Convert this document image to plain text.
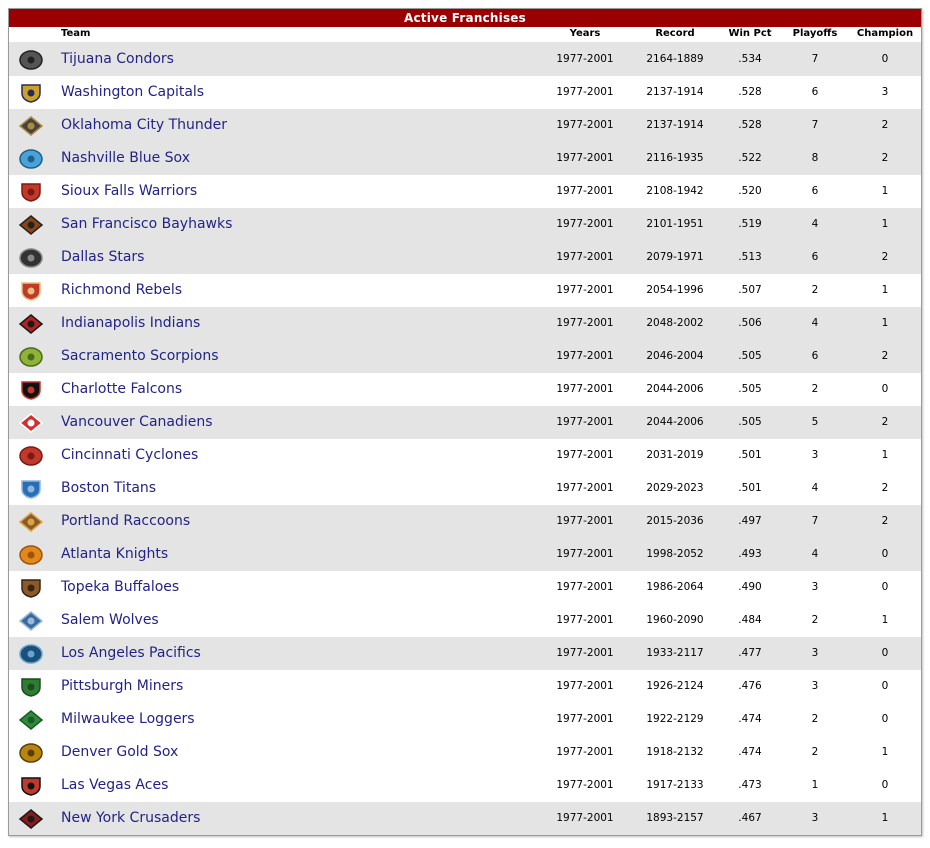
Active Franchises
Team	Years	Record	Win Pct	Playoffs	Champion
Tijuana Condors	1977-2001	2164-1889	.534	7	0
Washington Capitals	1977-2001	2137-1914	.528	6	3
Oklahoma City Thunder	1977-2001	2137-1914	.528	7	2
Nashville Blue Sox	1977-2001	2116-1935	.522	8	2
Sioux Falls Warriors	1977-2001	2108-1942	.520	6	1
San Francisco Bayhawks	1977-2001	2101-1951	.519	4	1
Dallas Stars	1977-2001	2079-1971	.513	6	2
Richmond Rebels	1977-2001	2054-1996	.507	2	1
Indianapolis Indians	1977-2001	2048-2002	.506	4	1
Sacramento Scorpions	1977-2001	2046-2004	.505	6	2
Charlotte Falcons	1977-2001	2044-2006	.505	2	0
Vancouver Canadiens	1977-2001	2044-2006	.505	5	2
Cincinnati Cyclones	1977-2001	2031-2019	.501	3	1
Boston Titans	1977-2001	2029-2023	.501	4	2
Portland Raccoons	1977-2001	2015-2036	.497	7	2
Atlanta Knights	1977-2001	1998-2052	.493	4	0
Topeka Buffaloes	1977-2001	1986-2064	.490	3	0
Salem Wolves	1977-2001	1960-2090	.484	2	1
Los Angeles Pacifics	1977-2001	1933-2117	.477	3	0
Pittsburgh Miners	1977-2001	1926-2124	.476	3	0
Milwaukee Loggers	1977-2001	1922-2129	.474	2	0
Denver Gold Sox	1977-2001	1918-2132	.474	2	1
Las Vegas Aces	1977-2001	1917-2133	.473	1	0
New York Crusaders	1977-2001	1893-2157	.467	3	1
